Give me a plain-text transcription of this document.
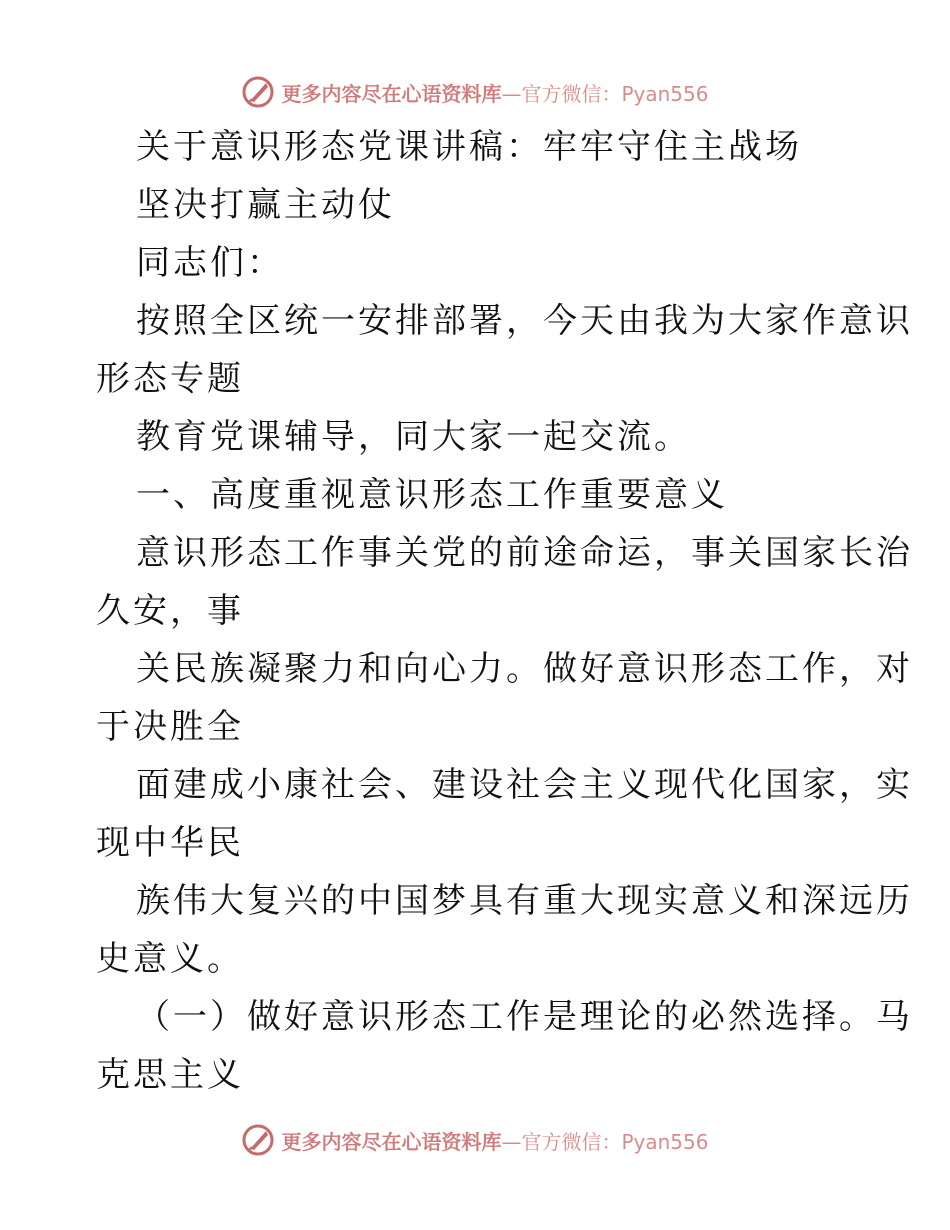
更多内容尽在心语资料库—官方微信：Pyan556
关于意识形态党课讲稿：牢牢守住主战场
坚决打赢主动仗
同志们：
按照全区统一安排部署，今天由我为大家作意识
形态专题
教育党课辅导，同大家一起交流。
一、高度重视意识形态工作重要意义
意识形态工作事关党的前途命运，事关国家长治
久安，事
关民族凝聚力和向心力。做好意识形态工作，对
于决胜全
面建成小康社会、建设社会主义现代化国家，实
现中华民
族伟大复兴的中国梦具有重大现实意义和深远历
史意义。
（一）做好意识形态工作是理论的必然选择。马
克思主义
更多内容尽在心语资料库—官方微信：Pyan556
